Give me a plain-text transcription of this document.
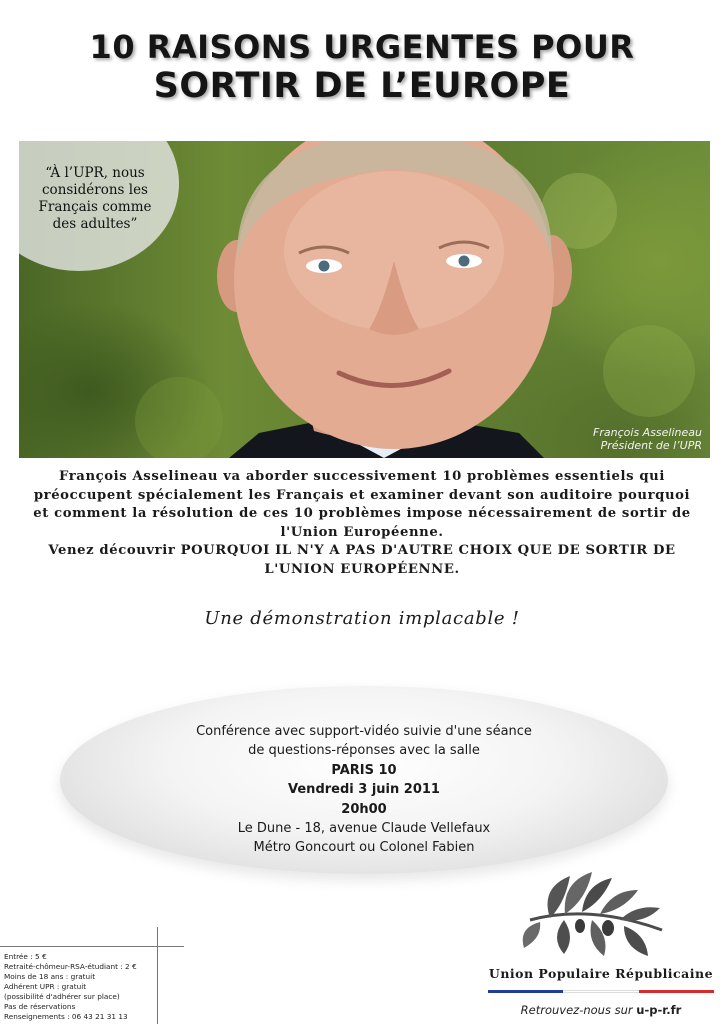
10 RAISONS URGENTES POUR
SORTIR DE L’EUROPE
“À l’UPR, nous
considérons les
Français comme
des adultes”
François Asselineau
Président de l’UPR
François Asselineau va aborder successivement 10 problèmes essentiels qui
préoccupent spécialement les Français et examiner devant son auditoire pourquoi
et comment la résolution de ces 10 problèmes impose nécessairement de sortir de
l'Union Européenne.
Venez découvrir POURQUOI IL N'Y A PAS D'AUTRE CHOIX QUE DE SORTIR DE
L'UNION EUROPÉENNE.
Une démonstration implacable !
Conférence avec support-vidéo suivie d'une séance
de questions-réponses avec la salle
PARIS 10
Vendredi 3 juin 2011
20h00
Le Dune - 18, avenue Claude Vellefaux
Métro Goncourt ou Colonel Fabien
Union Populaire Républicaine
Retrouvez-nous sur u-p-r.fr
Entrée : 5 €
Retraité-chômeur-RSA-étudiant : 2 €
Moins de 18 ans : gratuit
Adhérent UPR : gratuit
(possibilité d'adhérer sur place)
Pas de réservations
Renseignements : 06 43 21 31 13
